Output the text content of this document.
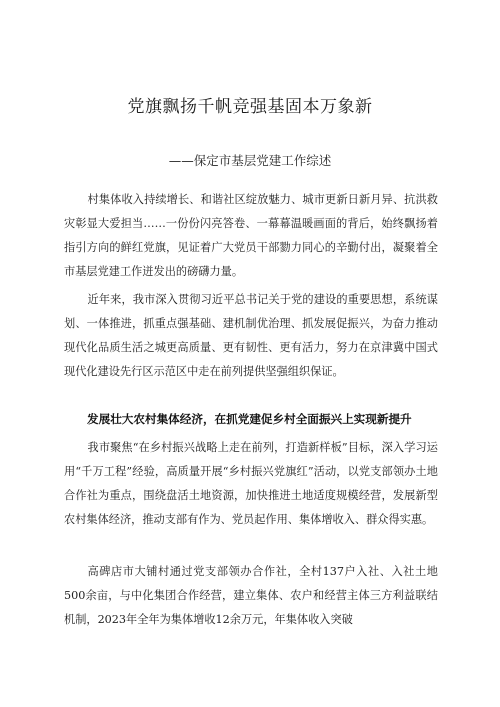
党旗飘扬千帆竞强基固本万象新
——保定市基层党建工作综述

村集体收入持续增长、和谐社区绽放魅力、城市更新日新月异、抗洪救灾彰显大爱担当……一份份闪亮答卷、一幕幕温暖画面的背后，始终飘扬着指引方向的鲜红党旗，见证着广大党员干部勠力同心的辛勤付出，凝聚着全市基层党建工作迸发出的磅礴力量。

近年来，我市深入贯彻习近平总书记关于党的建设的重要思想，系统谋划、一体推进，抓重点强基础、建机制优治理、抓发展促振兴，为奋力推动现代化品质生活之城更高质量、更有韧性、更有活力，努力在京津冀中国式现代化建设先行区示范区中走在前列提供坚强组织保证。

发展壮大农村集体经济，在抓党建促乡村全面振兴上实现新提升

我市聚焦“在乡村振兴战略上走在前列，打造新样板”目标，深入学习运用“千万工程”经验，高质量开展“乡村振兴党旗红”活动，以党支部领办土地合作社为重点，围绕盘活土地资源，加快推进土地适度规模经营，发展新型农村集体经济，推动支部有作为、党员起作用、集体增收入、群众得实惠。

高碑店市大铺村通过党支部领办合作社，全村137户入社、入社土地500余亩，与中化集团合作经营，建立集体、农户和经营主体三方利益联结机制，2023年全年为集体增收12余万元，年集体收入突破
